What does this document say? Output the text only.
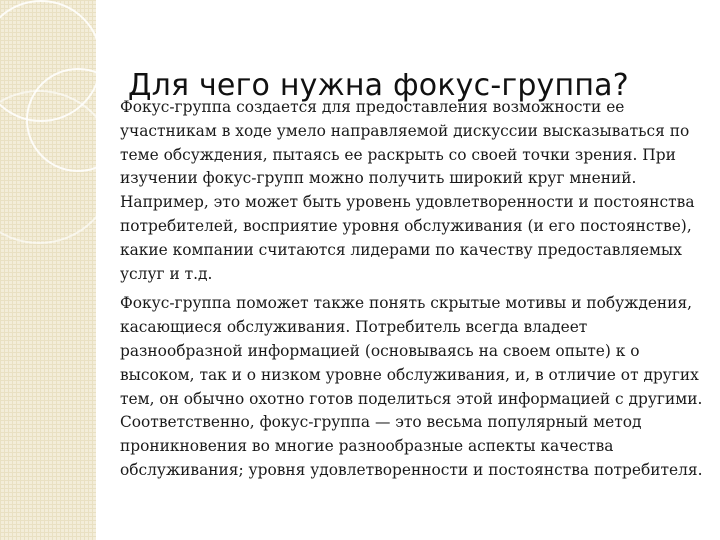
Для чего нужна фокус-группа?

Фокус-группа создается для предоставления возможности ее
участникам в ходе умело направляемой дискуссии высказываться по
теме обсуждения, пытаясь ее раскрыть со своей точки зрения. При
изучении фокус-групп можно получить широкий круг мнений.
Например, это может быть уровень удовлетворенности и постоянства
потребителей, восприятие уровня обслуживания (и его постоянстве),
какие компании считаются лидерами по качеству предоставляемых
услуг и т.д.

Фокус-группа поможет также понять скрытые мотивы и побуждения,
касающиеся обслуживания. Потребитель всегда владеет
разнообразной информацией (основываясь на своем опыте) к о
высоком, так и о низком уровне обслуживания, и, в отличие от других
тем, он обычно охотно готов поделиться этой информацией с другими.
Соответственно, фокус-группа — это весьма популярный метод
проникновения во многие разнообразные аспекты качества
обслуживания; уровня удовлетворенности и постоянства потребителя.
